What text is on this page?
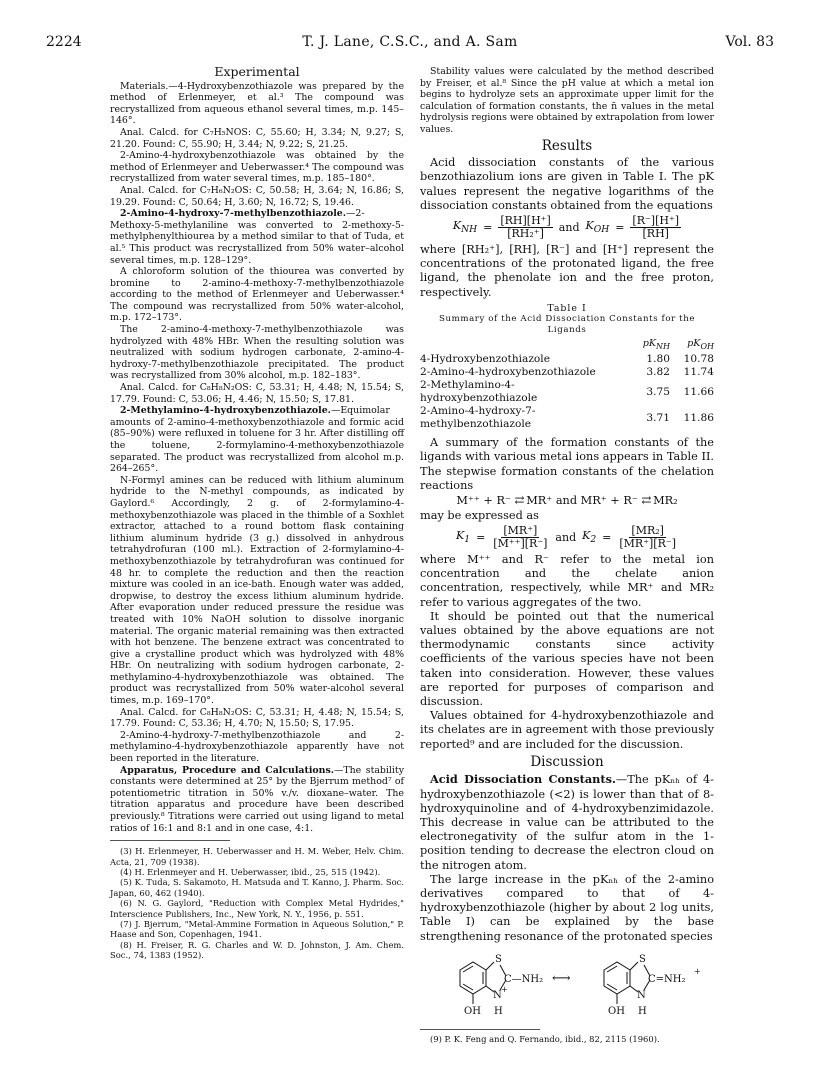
2224	T. J. Lane, C.S.C., and A. Sam	Vol. 83
Experimental

Materials.—4-Hydroxybenzothiazole was prepared by the method of Erlenmeyer, et al.³ The compound was recrystallized from aqueous ethanol several times, m.p. 145–146°.

Anal. Calcd. for C₇H₅NOS: C, 55.60; H, 3.34; N, 9.27; S, 21.20. Found: C, 55.90; H, 3.44; N, 9.22; S, 21.25.

2-Amino-4-hydroxybenzothiazole was obtained by the method of Erlenmeyer and Ueberwasser.⁴ The compound was recrystallized from water several times, m.p. 185–180°.

Anal. Calcd. for C₇H₆N₂OS: C, 50.58; H, 3.64; N, 16.86; S, 19.29. Found: C, 50.64; H, 3.60; N, 16.72; S, 19.46.

2-Amino-4-hydroxy-7-methylbenzothiazole.—2-Methoxy-5-methylaniline was converted to 2-methoxy-5-methylphenylthiourea by a method similar to that of Tuda, et al.⁵ This product was recrystallized from 50% water–alcohol several times, m.p. 128–129°.

A chloroform solution of the thiourea was converted by bromine to 2-amino-4-methoxy-7-methylbenzothiazole according to the method of Erlenmeyer and Ueberwasser.⁴ The compound was recrystallized from 50% water-alcohol, m.p. 172–173°.

The 2-amino-4-methoxy-7-methylbenzothiazole was hydrolyzed with 48% HBr. When the resulting solution was neutralized with sodium hydrogen carbonate, 2-amino-4-hydroxy-7-methylbenzothiazole precipitated. The product was recrystallized from 30% alcohol, m.p. 182–183°.

Anal. Calcd. for C₈H₈N₂OS: C, 53.31; H, 4.48; N, 15.54; S, 17.79. Found: C, 53.06; H, 4.46; N, 15.50; S, 17.81.

2-Methylamino-4-hydroxybenzothiazole.—Equimolar amounts of 2-amino-4-methoxybenzothiazole and formic acid (85–90%) were refluxed in toluene for 3 hr. After distilling off the toluene, 2-formylamino-4-methoxybenzothiazole separated. The product was recrystallized from alcohol m.p. 264–265°.

N-Formyl amines can be reduced with lithium aluminum hydride to the N-methyl compounds, as indicated by Gaylord.⁶ Accordingly, 2 g. of 2-formylamino-4-methoxybenzothiazole was placed in the thimble of a Soxhlet extractor, attached to a round bottom flask containing lithium aluminum hydride (3 g.) dissolved in anhydrous tetrahydrofuran (100 ml.). Extraction of 2-formylamino-4-methoxybenzothiazole by tetrahydrofuran was continued for 48 hr. to complete the reduction and then the reaction mixture was cooled in an ice-bath. Enough water was added, dropwise, to destroy the excess lithium aluminum hydride. After evaporation under reduced pressure the residue was treated with 10% NaOH solution to dissolve inorganic material. The organic material remaining was then extracted with hot benzene. The benzene extract was concentrated to give a crystalline product which was hydrolyzed with 48% HBr. On neutralizing with sodium hydrogen carbonate, 2-methylamino-4-hydroxybenzothiazole was obtained. The product was recrystallized from 50% water-alcohol several times, m.p. 169–170°.

Anal. Calcd. for C₈H₈N₂OS: C, 53.31; H, 4.48; N, 15.54; S, 17.79. Found: C, 53.36; H, 4.70; N, 15.50; S, 17.95.

2-Amino-4-hydroxy-7-methylbenzothiazole and 2-methylamino-4-hydroxybenzothiazole apparently have not been reported in the literature.

Apparatus, Procedure and Calculations.—The stability constants were determined at 25° by the Bjerrum method⁷ of potentiometric titration in 50% v./v. dioxane–water. The titration apparatus and procedure have been described previously.⁸ Titrations were carried out using ligand to metal ratios of 16:1 and 8:1 and in one case, 4:1.

(3) H. Erlenmeyer, H. Ueberwasser and H. M. Weber, Helv. Chim. Acta, 21, 709 (1938).
(4) H. Erlenmeyer and H. Ueberwasser, ibid., 25, 515 (1942).
(5) K. Tuda, S. Sakamoto, H. Matsuda and T. Kanno, J. Pharm. Soc. Japan, 60, 462 (1940).
(6) N. G. Gaylord, "Reduction with Complex Metal Hydrides," Interscience Publishers, Inc., New York, N. Y., 1956, p. 551.
(7) J. Bjerrum, "Metal-Ammine Formation in Aqueous Solution," P. Haase and Son, Copenhagen, 1941.
(8) H. Freiser, R. G. Charles and W. D. Johnston, J. Am. Chem. Soc., 74, 1383 (1952).

Stability values were calculated by the method described by Freiser, et al.⁸ Since the pH value at which a metal ion begins to hydrolyze sets an approximate upper limit for the calculation of formation constants, the n̄ values in the metal hydrolysis regions were obtained by extrapolation from lower values.

Results

Acid dissociation constants of the various benzothiazolium ions are given in Table I. The pK values represent the negative logarithms of the dissociation constants obtained from the equations

$K_{NH} = \frac{[RH][H^+]}{\text{[RH₂⁺]}}$ and $K_{OH} = \frac{[R^-][H^+]}{[RH]}$

where [RH₂⁺], [RH], [R⁻] and [H⁺] represent the concentrations of the protonated ligand, the free ligand, the phenolate ion and the free proton, respectively.

Table I
Summary of the Acid Dissociation Constants for the
Ligands
	$pK_{NH}$	$pK_{OH}$
4-Hydroxybenzothiazole	1.80	10.78
2-Amino-4-hydroxybenzothiazole	3.82	11.74
2-Methylamino-4-hydroxybenzothiazole	3.75	11.66
2-Amino-4-hydroxy-7-methylbenzothiazole	3.71	11.86

A summary of the formation constants of the ligands with various metal ions appears in Table II. The stepwise formation constants of the chelation reactions

M⁺⁺ + R⁻ ⇄ MR⁺ and MR⁺ + R⁻ ⇄ MR₂

may be expressed as

$K_1 = \frac{[MR^+]}{[M^{++}][R^-]}$ and $K_2 = \frac{\text{[MR₂]}}{[MR^+][R^-]}$

where M⁺⁺ and R⁻ refer to the metal ion concentration and the chelate anion concentration, respectively, while MR⁺ and MR₂ refer to various aggregates of the two.

It should be pointed out that the numerical values obtained by the above equations are not thermodynamic constants since activity coefficients of the various species have not been taken into consideration. However, these values are reported for purposes of comparison and discussion.

Values obtained for 4-hydroxybenzothiazole and its chelates are in agreement with those previously reported⁹ and are included for the discussion.

Discussion

Acid Dissociation Constants.—The pKₙₕ of 4-hydroxybenzothiazole (<2) is lower than that of 8-hydroxyquinoline and of 4-hydroxybenzimidazole. This decrease in value can be attributed to the electronegativity of the sulfur atom in the 1-position tending to decrease the electron cloud on the nitrogen atom.

The large increase in the pKₙₕ of the 2-amino derivatives compared to that of 4-hydroxybenzothiazole (higher by about 2 log units, Table I) can be explained by the base strengthening resonance of the protonated species

S
C—NH₂
N
+
OH H
⟷
S
C=NH₂
+
N
OH H
(9) P. K. Feng and Q. Fernando, ibid., 82, 2115 (1960).
